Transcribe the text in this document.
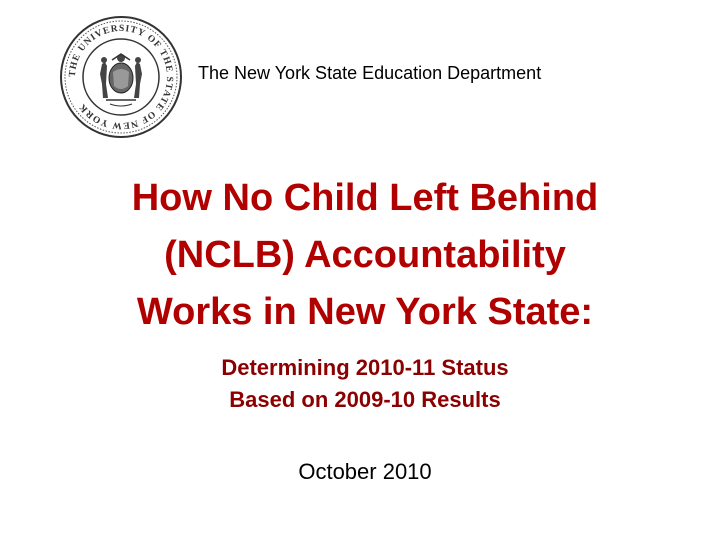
THE UNIVERSITY OF THE STATE OF NEW YORK
The New York State Education Department
How No Child Left Behind
(NCLB) Accountability
Works in New York State:
Determining 2010-11 Status
Based on 2009-10 Results
October 2010
